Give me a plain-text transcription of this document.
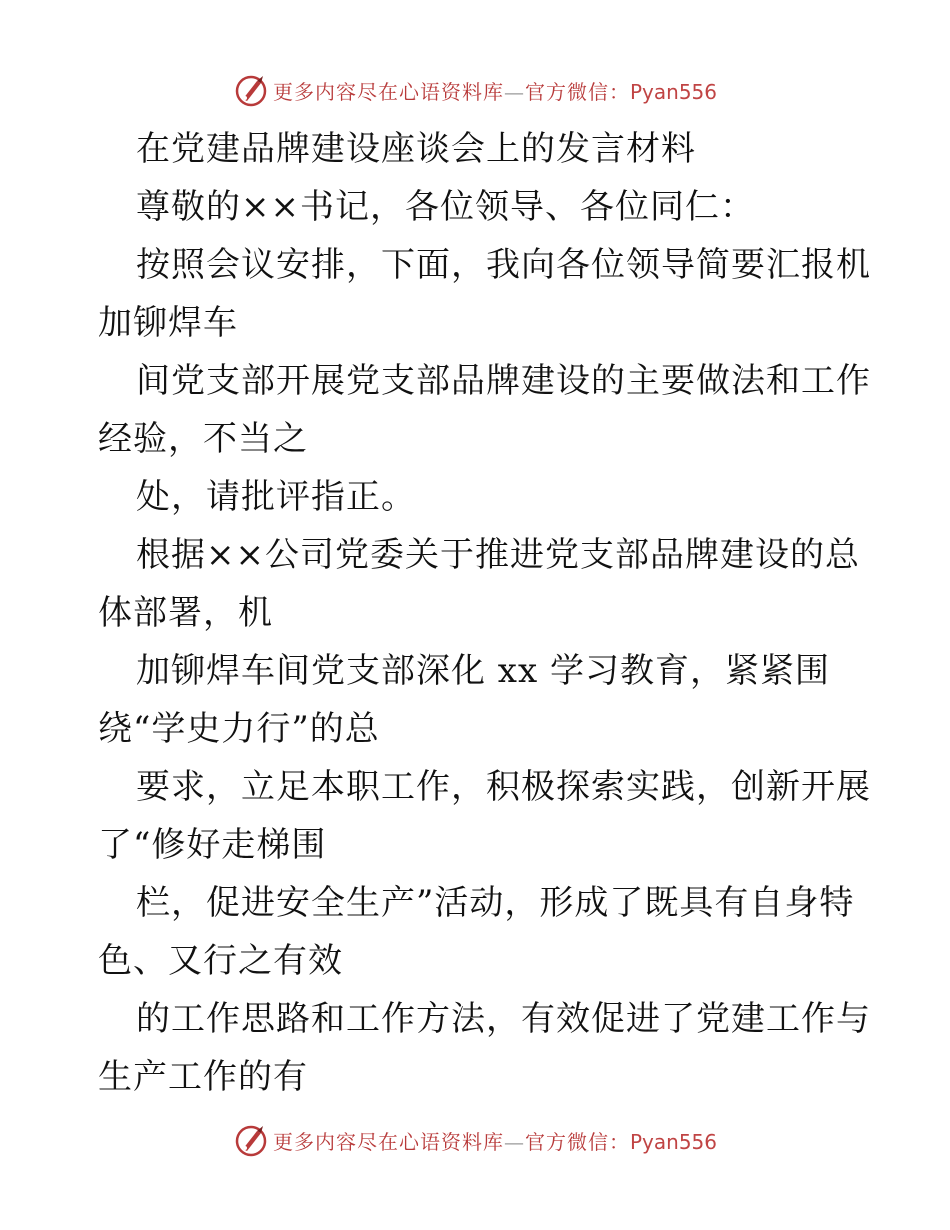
更多内容尽在心语资料库—官方微信：Pyan556
在党建品牌建设座谈会上的发言材料
尊敬的××书记，各位领导、各位同仁：
按照会议安排，下面，我向各位领导简要汇报机
加铆焊车
间党支部开展党支部品牌建设的主要做法和工作
经验，不当之
处，请批评指正。
根据××公司党委关于推进党支部品牌建设的总
体部署，机
加铆焊车间党支部深化 xx 学习教育，紧紧围
绕“学史力行”的总
要求，立足本职工作，积极探索实践，创新开展
了“修好走梯围
栏，促进安全生产”活动，形成了既具有自身特
色、又行之有效
的工作思路和工作方法，有效促进了党建工作与
生产工作的有
更多内容尽在心语资料库—官方微信：Pyan556
